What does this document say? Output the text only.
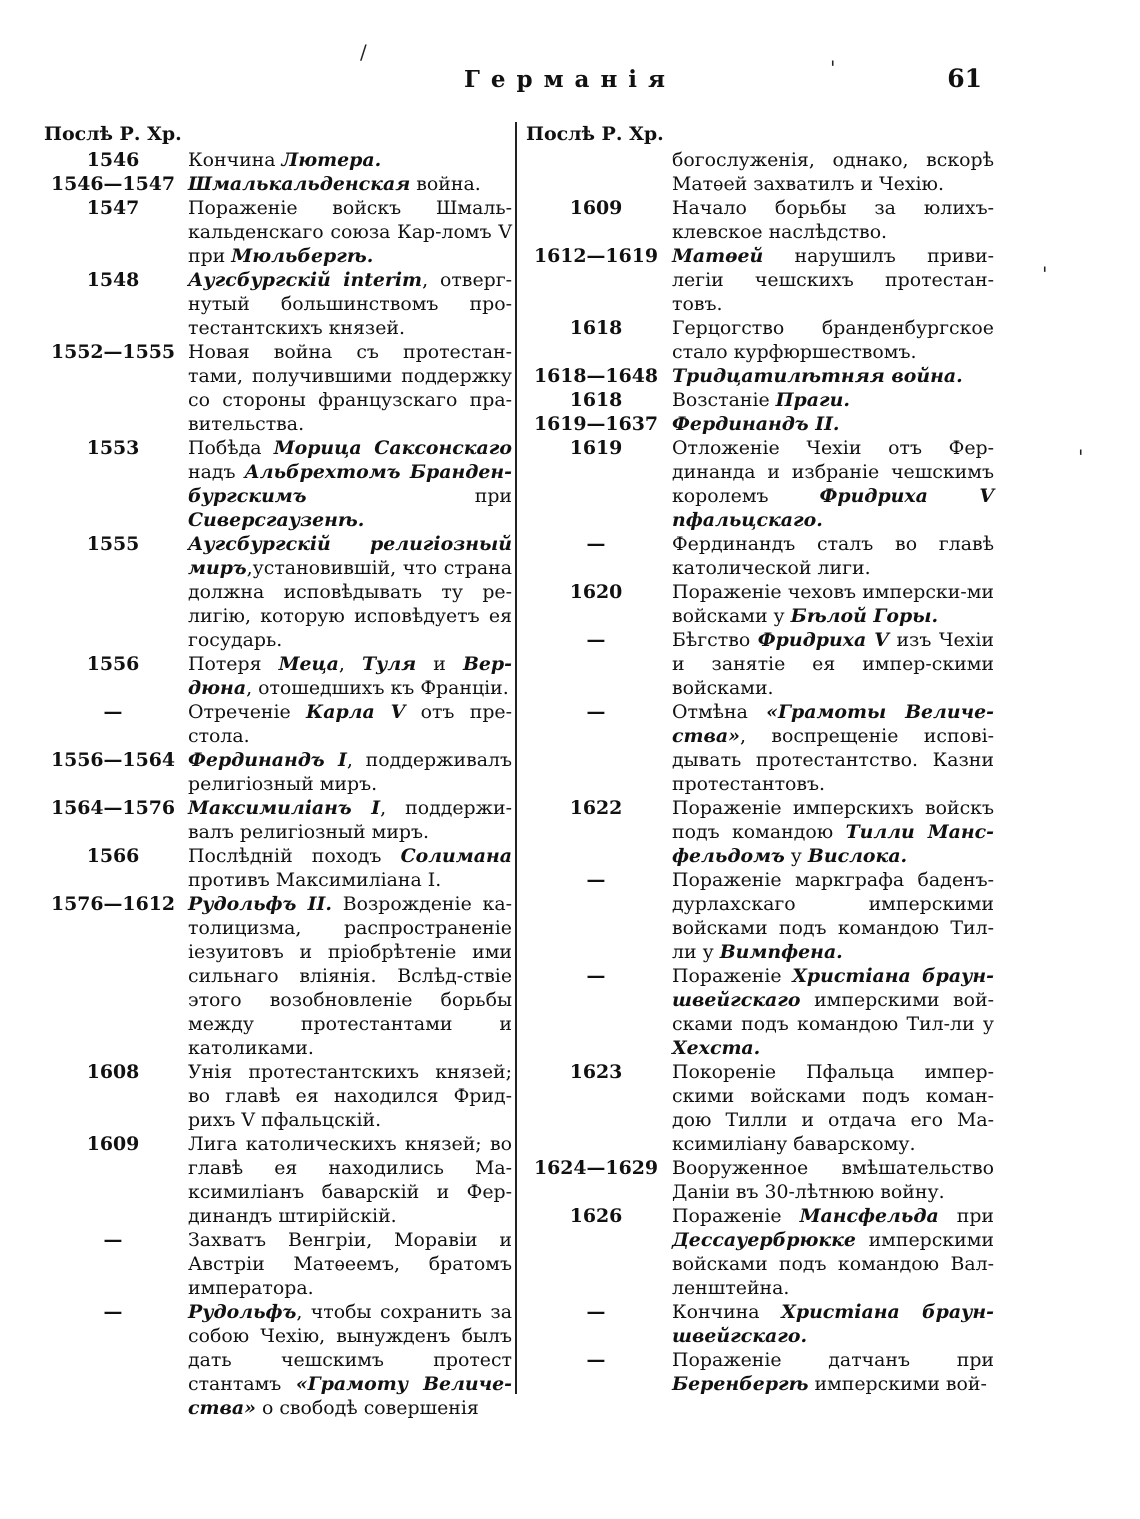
Германія	61
/
'
'
'
Послѣ Р. Хр.
1546	Кончина Лютера.
1546—1547 Шмалькальденская война.
1547	Пораженіе войскъ Шмаль-кальденскаго союза Кар-ломъ V при Мюльбергѣ.
1548	Аугсбургскій interim, отверг-нутый большинствомъ про-тестантскихъ князей.
1552—1555 Новая война съ протестан-тами, получившими поддержку со стороны французскаго пра-вительства.
1553	Побѣда Морица Саксонскаго надъ Альбрехтомъ Бранден-бургскимъ при Сиверсгаузенѣ.
1555	Аугсбургскій религіозный миръ,установившій, что страна должна исповѣдывать ту ре-лигію, которую исповѣдуетъ ея государь.
1556	Потеря Меца, Туля и Вер-дюна, отошедшихъ къ Франціи.
—	Отреченіе Карла V отъ пре-стола.
1556—1564 Фердинандъ I, поддерживалъ религіозный миръ.
1564—1576 Максимиліанъ I, поддержи-валъ религіозный миръ.
1566	Послѣдній походъ Солимана противъ Максимиліана I.
1576—1612 Рудольфъ II. Возрожденіе ка-толицизма, распространеніе іезуитовъ и пріобрѣтеніе ими сильнаго вліянія. Вслѣд-ствіе этого возобновленіе борьбы между протестантами и католиками.
1608	Унія протестантскихъ князей; во главѣ ея находился Фрид-рихъ V пфальцскій.
1609	Лига католическихъ князей; во главѣ ея находились Ма-ксимиліанъ баварскій и Фер-динандъ штирійскій.
—	Захватъ Венгріи, Моравіи и Австріи Матѳеемъ, братомъ императора.
—	Рудольфъ, чтобы сохранить за собою Чехію, вынужденъ былъ дать чешскимъ протест стантамъ «Грамоту Величе-ства» о свободѣ совершенія
Послѣ Р. Хр.
богослуженія, однако, вскорѣ Матѳей захватилъ и Чехію.
1609	Начало борьбы за юлихъ-клевское наслѣдство.
1612—1619 Матѳей нарушилъ приви-легіи чешскихъ протестан-товъ.
1618	Герцогство бранденбургское стало курфюршествомъ.
1618—1648 Тридцатилѣтняя война.
1618	Возстаніе Праги.
1619—1637 Фердинандъ II.
1619	Отложеніе Чехіи отъ Фер-динанда и избраніе чешскимъ королемъ Фридриха V пфальцскаго.
—	Фердинандъ сталъ во главѣ католической лиги.
1620	Пораженіе чеховъ имперски-ми войсками у Бѣлой Горы.
—	Бѣгство Фридриха V изъ Чехіи и занятіе ея импер-скими войсками.
—	Отмѣна «Грамоты Величе-ства», воспрещеніе испові-дывать протестантство. Казни протестантовъ.
1622	Пораженіе имперскихъ войскъ подъ командою Тилли Манс-фельдомъ у Вислока.
—	Пораженіе маркграфа баденъ-дурлахскаго имперскими войсками подъ командою Тил-ли у Вимпфена.
—	Пораженіе Христіана браун-швейгскаго имперскими вой-сками подъ командою Тил-ли у Хехста.
1623	Покореніе Пфальца импер-скими войсками подъ коман-дою Тилли и отдача его Ма-ксимиліану баварскому.
1624—1629 Вооруженное вмѣшательство Даніи въ 30-лѣтнюю войну.
1626	Пораженіе Мансфельда при Дессауербрюкке имперскими войсками подъ командою Вал-ленштейна.
—	Кончина Христіана браун-швейгскаго.
—	Пораженіе датчанъ при Беренбергѣ имперскими вой-
